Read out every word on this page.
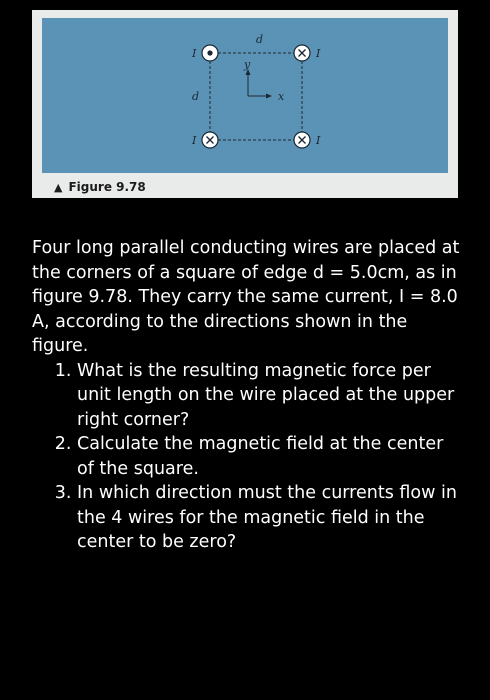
d
d
I	I
I	I
x
y
▲ Figure 9.78

Four long parallel conducting wires are placed at the corners of a square of edge d = 5.0cm, as in figure 9.78. They carry the same current, I = 8.0 A, according to the directions shown in the figure.

1. What is the resulting magnetic force per unit length on the wire placed at the upper right corner?
2. Calculate the magnetic field at the center of the square.
3. In which direction must the currents flow in the 4 wires for the magnetic field in the center to be zero?
